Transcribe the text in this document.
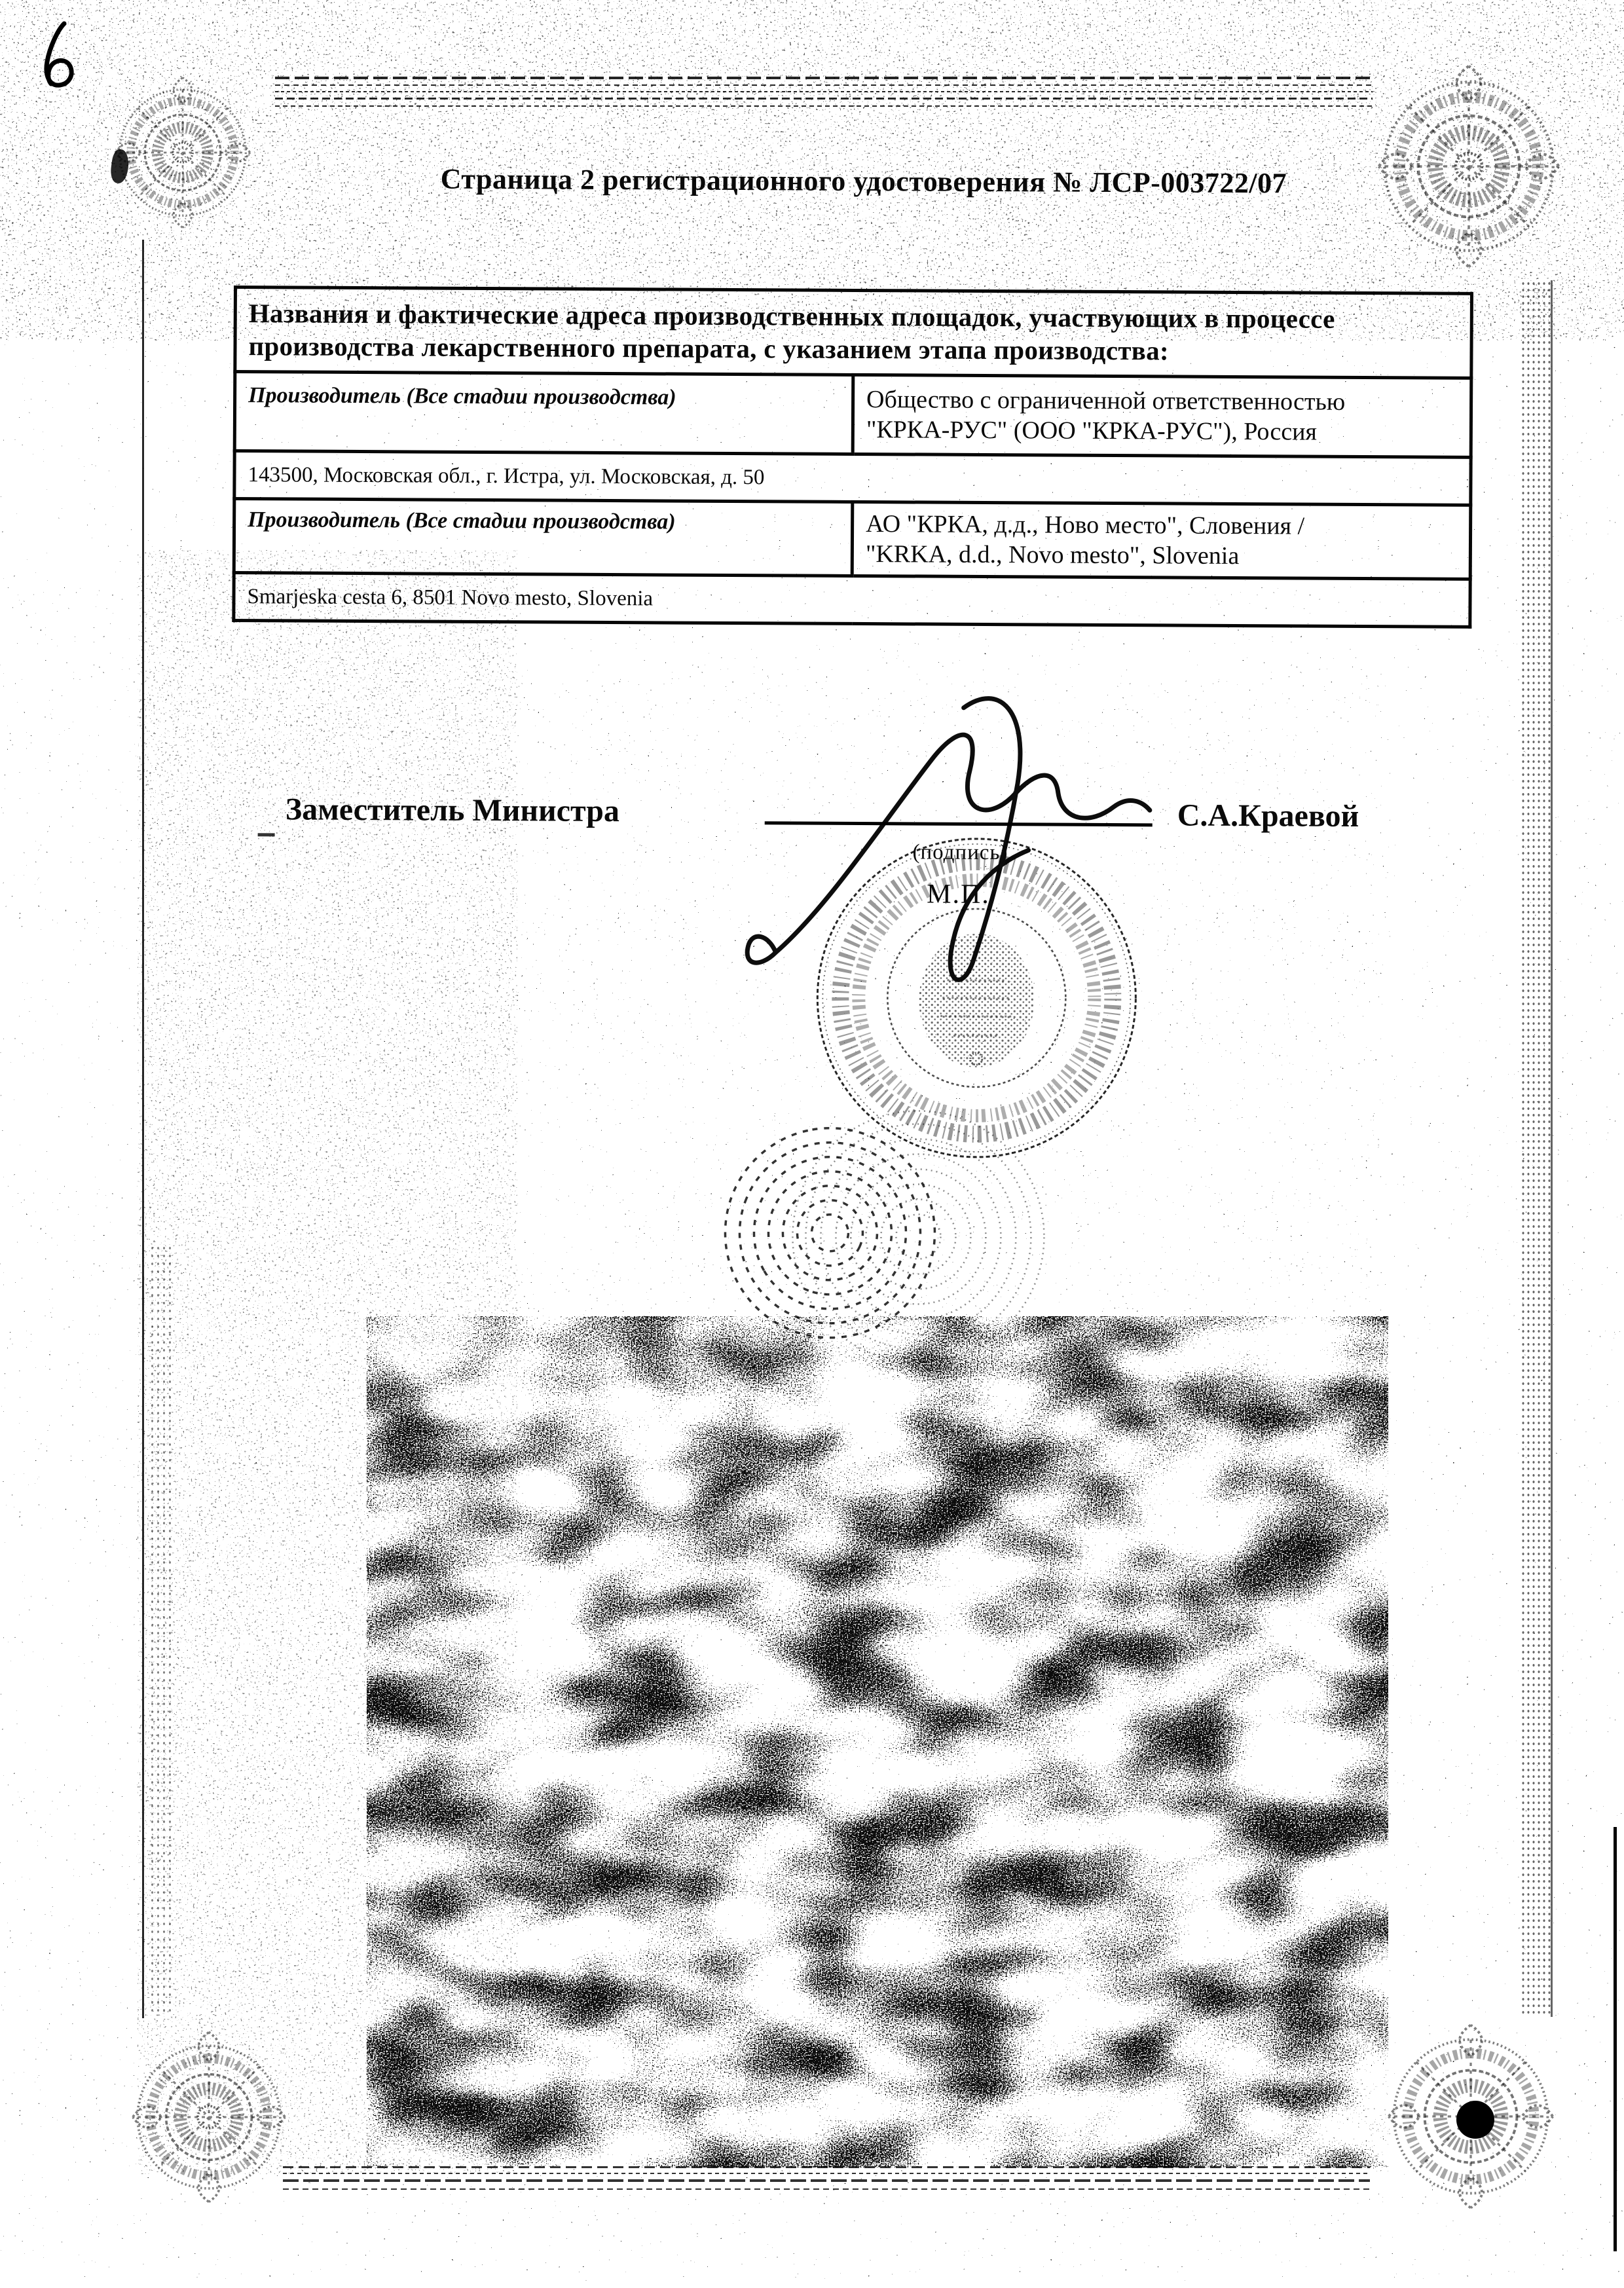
Страница 2 регистрационного удостоверения № ЛСР-003722/07
Названия и фактические адреса производственных площадок, участвующих в процессе
производства лекарственного препарата, с указанием этапа производства:	

Производитель (Все стадии производства)	Общество с ограниченной ответственностью
"КРКА-РУС" (ООО "КРКА-РУС"), Россия

143500, Московская обл., г. Истра, ул. Московская, д. 50	
Производитель (Все стадии производства)	АО "КРКА, д.д., Ново место", Словения /
"KRKA, d.d., Novo mesto", Slovenia

Smarjeska cesta 6, 8501 Novo mesto, Slovenia	
Заместитель Министра
(подпись)
М.П.
С.А.Краевой
